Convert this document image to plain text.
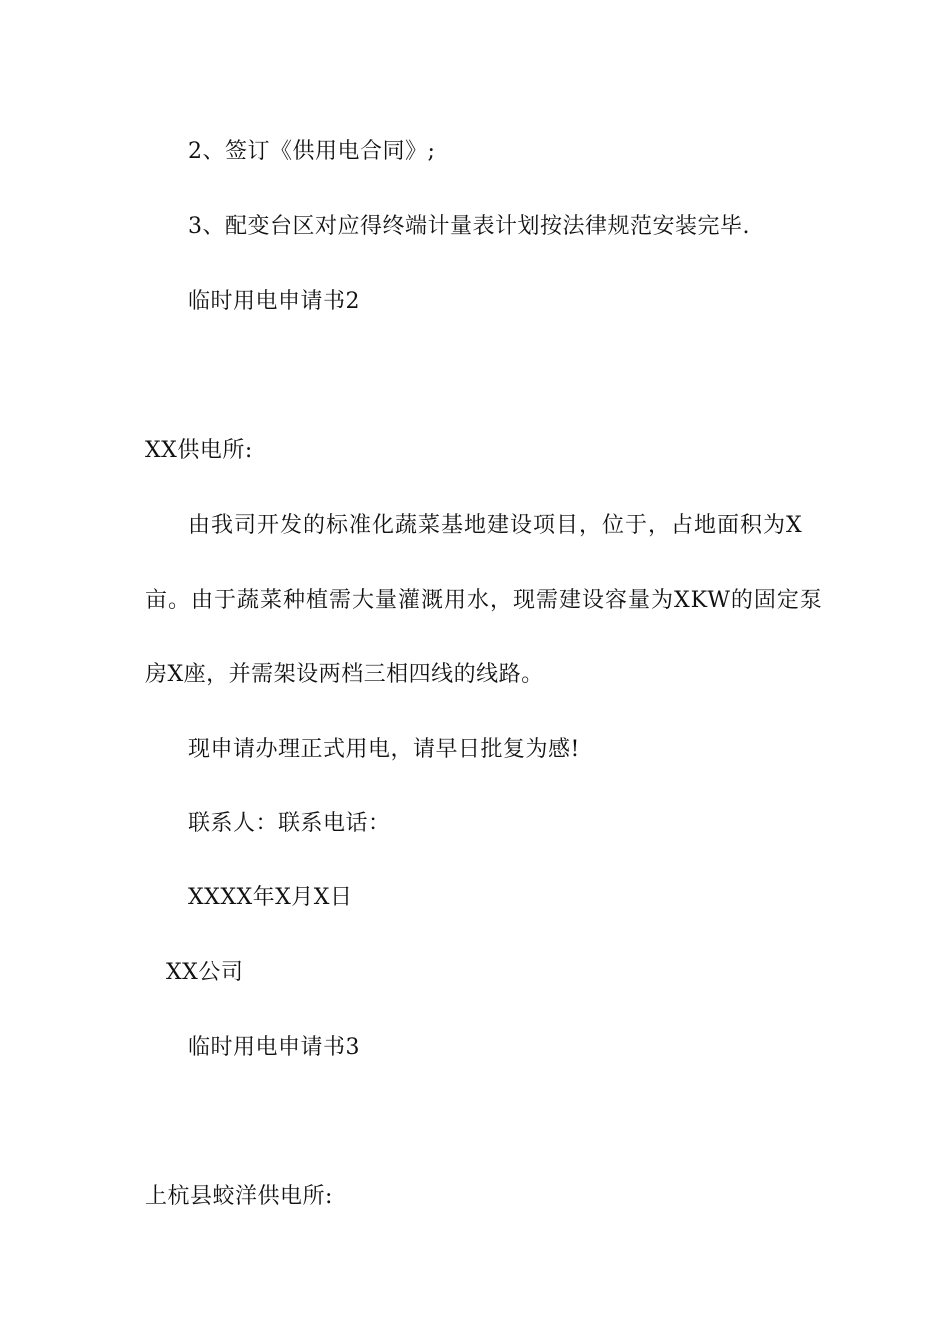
2、签订《供用电合同》;

3、配变台区对应得终端计量表计划按法律规范安装完毕.

临时用电申请书2

XX供电所:

由我司开发的标准化蔬菜基地建设项目，位于，占地面积为X

亩。由于蔬菜种植需大量灌溉用水，现需建设容量为XKW的固定泵

房X座，并需架设两档三相四线的线路。

现申请办理正式用电，请早日批复为感!

联系人：联系电话：

XXXX年X月X日

XX公司

临时用电申请书3

上杭县蛟洋供电所:
